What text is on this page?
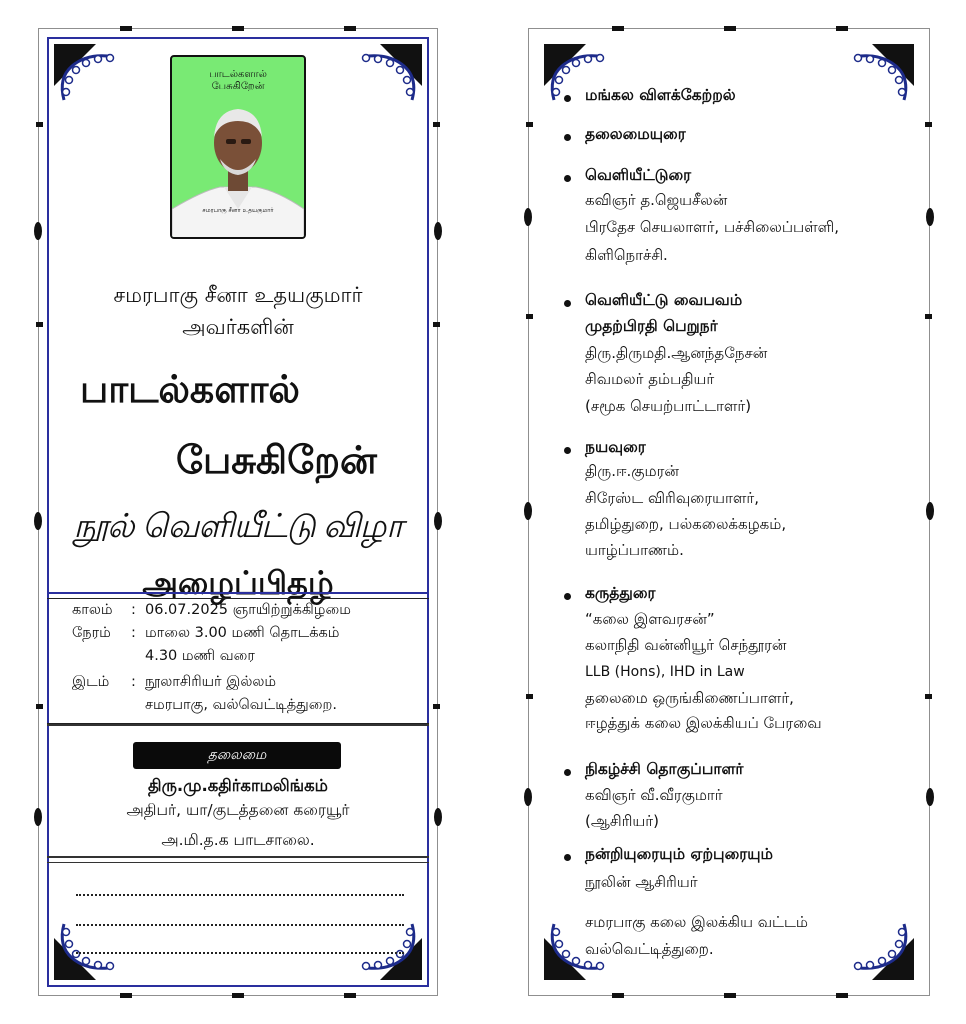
பாடல்களால்
பேசுகிறேன்
சமரபாகு சீனா உதயகுமார்
சமரபாகு சீனா உதயகுமார்
அவர்களின்
பாடல்களால்
பேசுகிறேன்
நூல் வெளியீட்டு விழா
அழைப்பிதழ்
காலம் : 06.07.2025 ஞாயிற்றுக்கிழமை
நேரம் : மாலை 3.00 மணி தொடக்கம்
4.30 மணி வரை
இடம் : நூலாசிரியர் இல்லம்
சமரபாகு, வல்வெட்டித்துறை.
தலைமை
திரு.மு.கதிர்காமலிங்கம்
அதிபர், யா/குடத்தனை கரையூர்
அ.மி.த.க பாடசாலை.
மங்கல விளக்கேற்றல்
தலைமையுரை
வெளியீட்டுரை
கவிஞர் த.ஜெயசீலன்
பிரதேச செயலாளர், பச்சிலைப்பள்ளி,
கிளிநொச்சி.
வெளியீட்டு வைபவம்
முதற்பிரதி பெறுநர்
திரு.திருமதி.ஆனந்தநேசன்
சிவமலர் தம்பதியர்
(சமூக செயற்பாட்டாளர்)
நயவுரை
திரு.ஈ.குமரன்
சிரேஸ்ட விரிவுரையாளர்,
தமிழ்துறை, பல்கலைக்கழகம்,
யாழ்ப்பாணம்.
கருத்துரை
“கலை இளவரசன்”
கலாநிதி வன்னியூர் செந்தூரன்
LLB (Hons), IHD in Law
தலைமை ஒருங்கிணைப்பாளர்,
ஈழத்துக் கலை இலக்கியப் பேரவை
நிகழ்ச்சி தொகுப்பாளர்
கவிஞர் வீ.வீரகுமார்
(ஆசிரியர்)
நன்றியுரையும் ஏற்புரையும்
நூலின் ஆசிரியர்
சமரபாகு கலை இலக்கிய வட்டம்
வல்வெட்டித்துறை.
